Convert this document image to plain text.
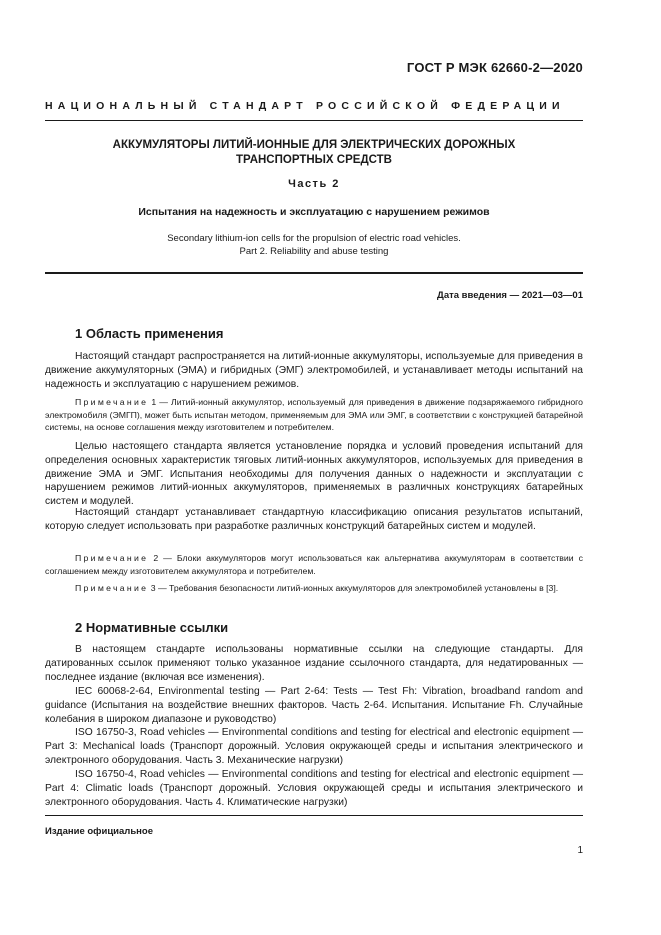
ГОСТ Р МЭК 62660-2—2020
НАЦИОНАЛЬНЫЙ СТАНДАРТ РОССИЙСКОЙ ФЕДЕРАЦИИ
АККУМУЛЯТОРЫ ЛИТИЙ-ИОННЫЕ ДЛЯ ЭЛЕКТРИЧЕСКИХ ДОРОЖНЫХ
ТРАНСПОРТНЫХ СРЕДСТВ
Часть 2
Испытания на надежность и эксплуатацию с нарушением режимов
Secondary lithium-ion cells for the propulsion of electric road vehicles.
Part 2. Reliability and abuse testing
Дата введения — 2021—03—01
1 Область применения

Настоящий стандарт распространяется на литий-ионные аккумуляторы, используемые для приведения в движение аккумуляторных (ЭМА) и гибридных (ЭМГ) электромобилей, и устанавливает методы испытаний на надежность и эксплуатацию с нарушением режимов.

Примечание 1 — Литий-ионный аккумулятор, используемый для приведения в движение подзаряжаемого гибридного электромобиля (ЭМГП), может быть испытан методом, применяемым для ЭМА или ЭМГ, в соответствии с конструкцией батарейной системы, на основе соглашения между изготовителем и потребителем.

Целью настоящего стандарта является установление порядка и условий проведения испытаний для определения основных характеристик тяговых литий-ионных аккумуляторов, используемых для приведения в движение ЭМА и ЭМГ. Испытания необходимы для получения данных о надежности и эксплуатации с нарушением режимов литий-ионных аккумуляторов, применяемых в различных конструкциях батарейных систем и модулей.

Настоящий стандарт устанавливает стандартную классификацию описания результатов испытаний, которую следует использовать при разработке различных конструкций батарейных систем и модулей.

Примечание 2 — Блоки аккумуляторов могут использоваться как альтернатива аккумуляторам в соответствии с соглашением между изготовителем аккумулятора и потребителем.

Примечание 3 — Требования безопасности литий-ионных аккумуляторов для электромобилей установлены в [3].

2 Нормативные ссылки

В настоящем стандарте использованы нормативные ссылки на следующие стандарты. Для датированных ссылок применяют только указанное издание ссылочного стандарта, для недатированных — последнее издание (включая все изменения).

IEC 60068-2-64, Environmental testing — Part 2-64: Tests — Test Fh: Vibration, broadband random and guidance (Испытания на воздействие внешних факторов. Часть 2-64. Испытания. Испытание Fh. Случайные колебания в широком диапазоне и руководство)

ISO 16750-3, Road vehicles — Environmental conditions and testing for electrical and electronic equipment — Part 3: Mechanical loads (Транспорт дорожный. Условия окружающей среды и испытания электрического и электронного оборудования. Часть 3. Механические нагрузки)

ISO 16750-4, Road vehicles — Environmental conditions and testing for electrical and electronic equipment — Part 4: Climatic loads (Транспорт дорожный. Условия окружающей среды и испытания электрического и электронного оборудования. Часть 4. Климатические нагрузки)

Издание официальное
1
